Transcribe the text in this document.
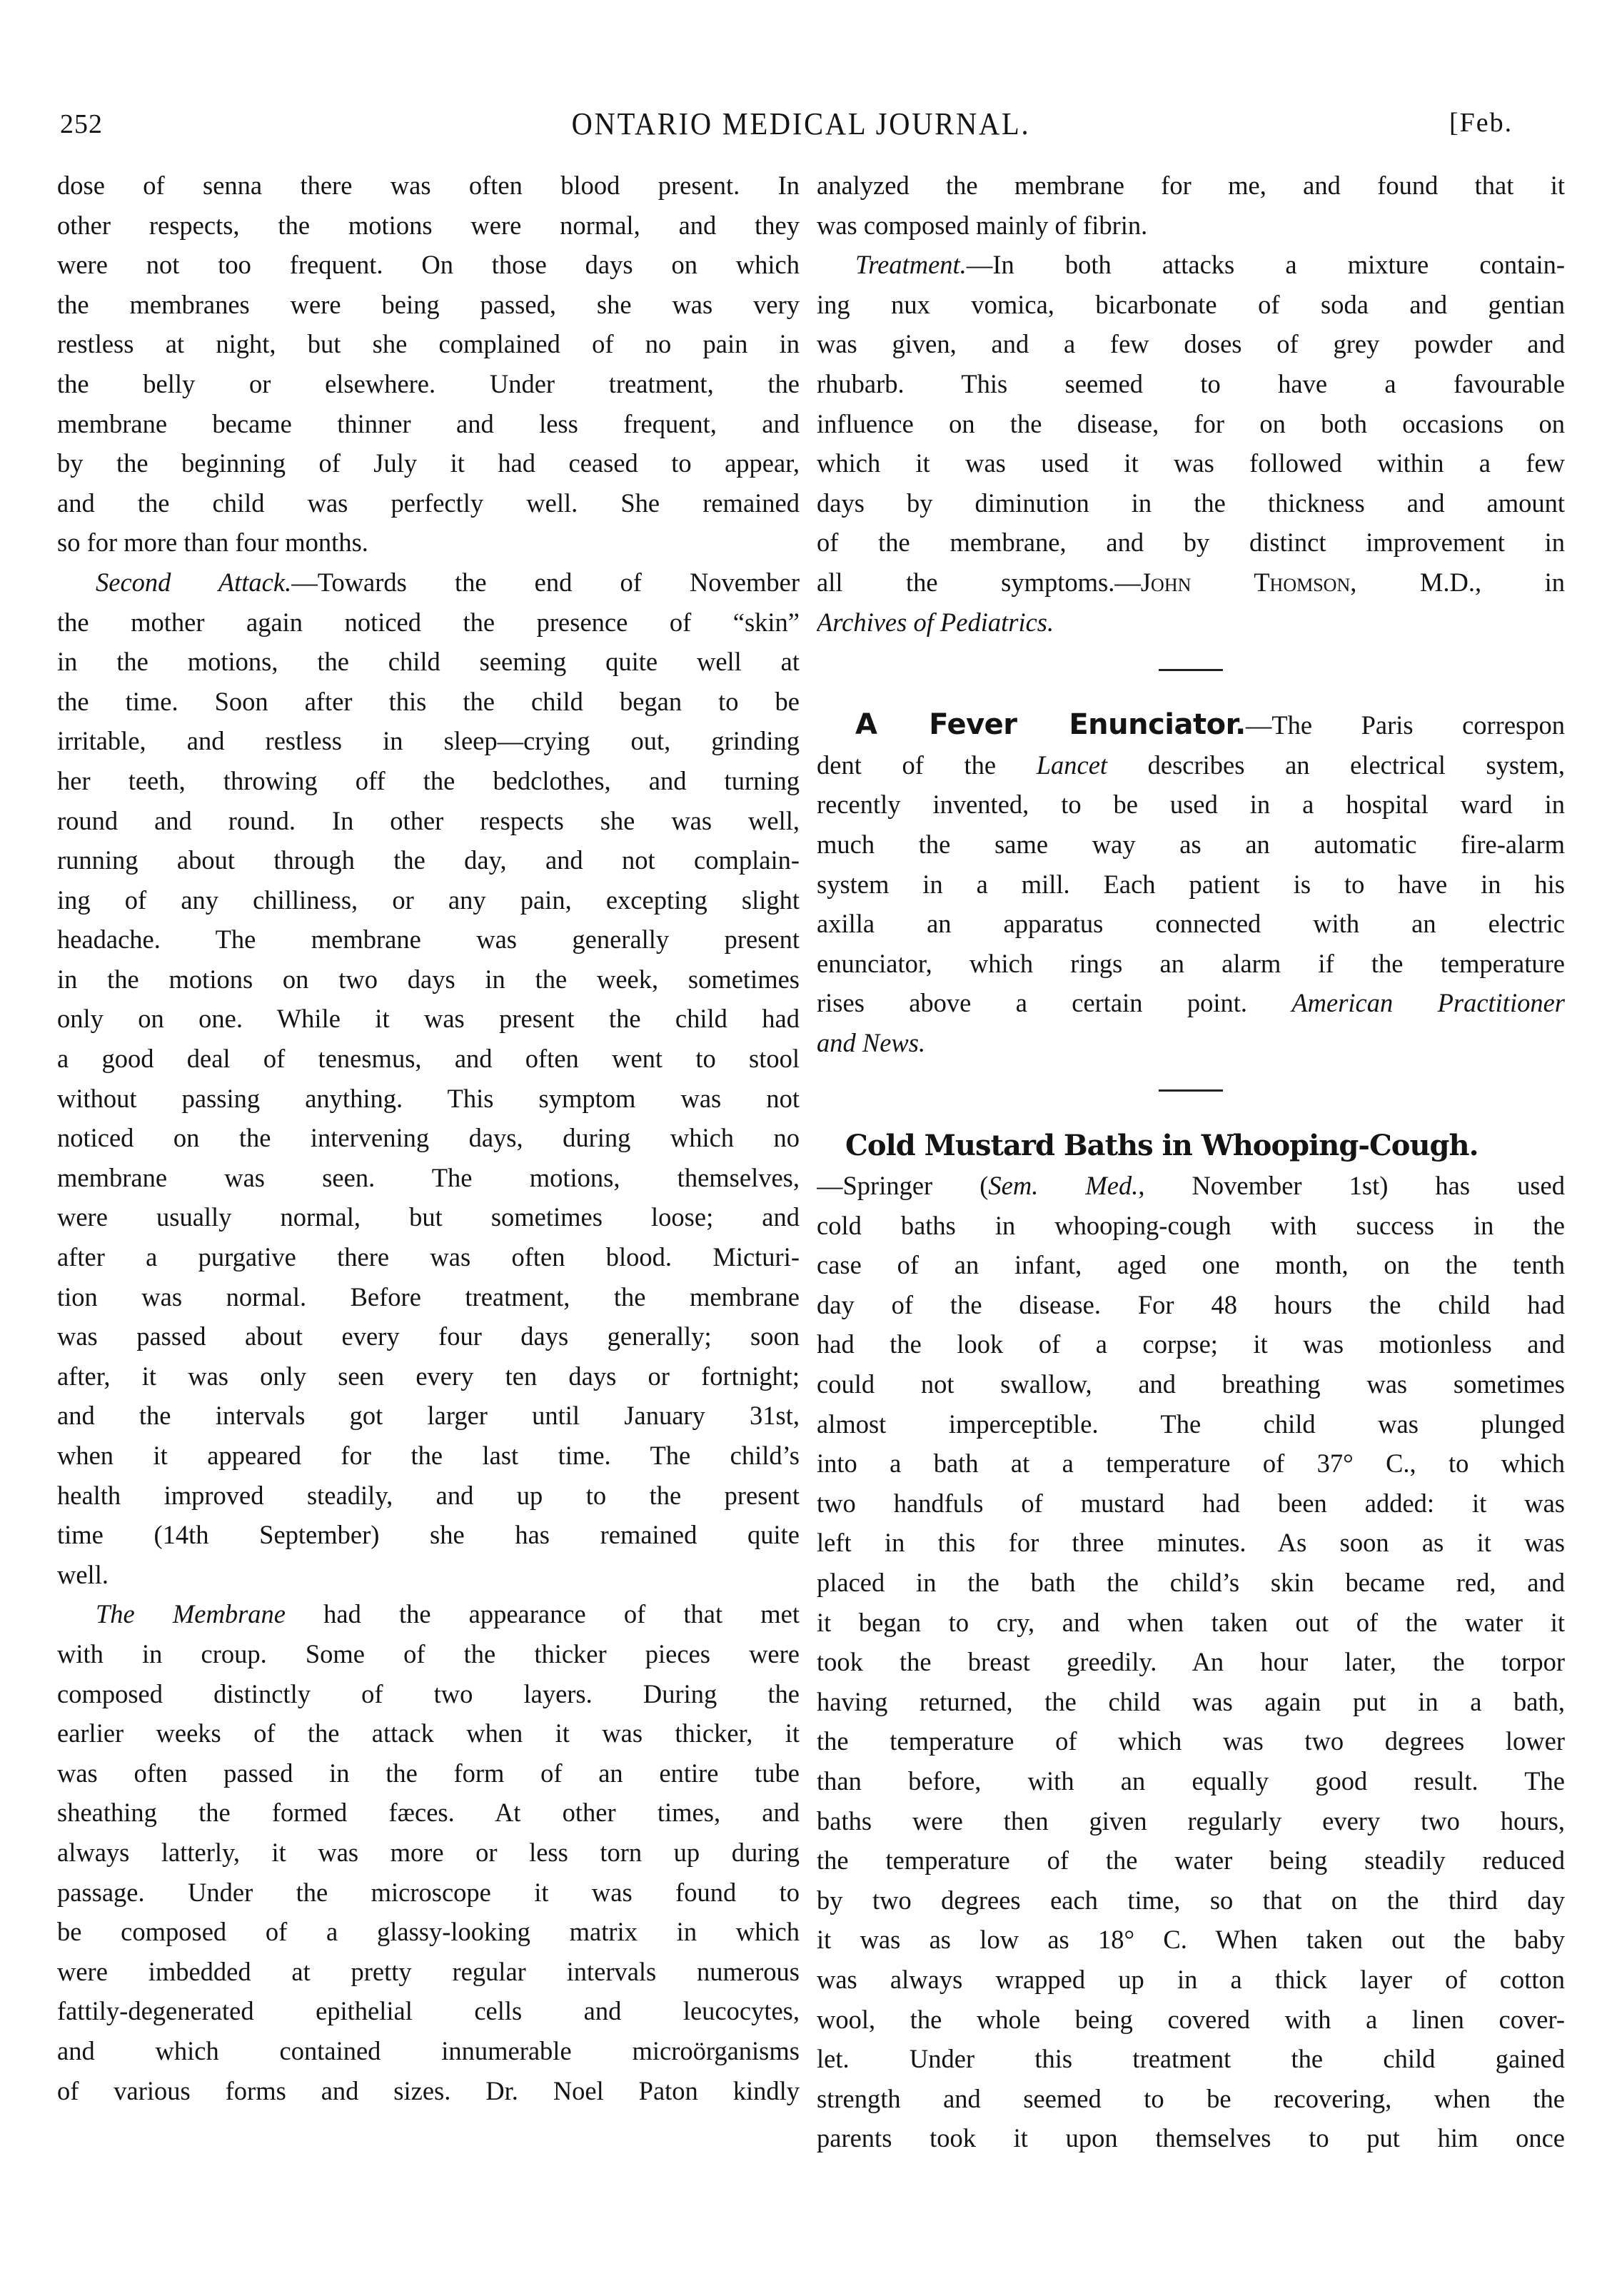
252	ONTARIO MEDICAL JOURNAL.	[Feb.
dose of senna there was often blood present. In
other respects, the motions were normal, and they
were not too frequent. On those days on which
the membranes were being passed, she was very
restless at night, but she complained of no pain in
the belly or elsewhere. Under treatment, the
membrane became thinner and less frequent, and
by the beginning of July it had ceased to appear,
and the child was perfectly well. She remained
so for more than four months.
Second Attack.—Towards the end of November
the mother again noticed the presence of “skin”
in the motions, the child seeming quite well at
the time. Soon after this the child began to be
irritable, and restless in sleep—crying out, grinding
her teeth, throwing off the bedclothes, and turning
round and round. In other respects she was well,
running about through the day, and not complain-
ing of any chilliness, or any pain, excepting slight
headache. The membrane was generally present
in the motions on two days in the week, sometimes
only on one. While it was present the child had
a good deal of tenesmus, and often went to stool
without passing anything. This symptom was not
noticed on the intervening days, during which no
membrane was seen. The motions, themselves,
were usually normal, but sometimes loose; and
after a purgative there was often blood. Micturi-
tion was normal. Before treatment, the membrane
was passed about every four days generally; soon
after, it was only seen every ten days or fortnight;
and the intervals got larger until January 31st,
when it appeared for the last time. The child’s
health improved steadily, and up to the present
time (14th September) she has remained quite
well.
The Membrane had the appearance of that met
with in croup. Some of the thicker pieces were
composed distinctly of two layers. During the
earlier weeks of the attack when it was thicker, it
was often passed in the form of an entire tube
sheathing the formed fæces. At other times, and
always latterly, it was more or less torn up during
passage. Under the microscope it was found to
be composed of a glassy-looking matrix in which
were imbedded at pretty regular intervals numerous
fattily-degenerated epithelial cells and leucocytes,
and which contained innumerable microörganisms
of various forms and sizes. Dr. Noel Paton kindly
analyzed the membrane for me, and found that it
was composed mainly of fibrin.
Treatment.—In both attacks a mixture contain-
ing nux vomica, bicarbonate of soda and gentian
was given, and a few doses of grey powder and
rhubarb. This seemed to have a favourable
influence on the disease, for on both occasions on
which it was used it was followed within a few
days by diminution in the thickness and amount
of the membrane, and by distinct improvement in
all the symptoms.—John Thomson, M.D., in
Archives of Pediatrics.
A Fever Enunciator.—The Paris correspon
dent of the Lancet describes an electrical system,
recently invented, to be used in a hospital ward in
much the same way as an automatic fire-alarm
system in a mill. Each patient is to have in his
axilla an apparatus connected with an electric
enunciator, which rings an alarm if the temperature
rises above a certain point. American Practitioner
and News.
Cold Mustard Baths in Whooping-Cough.
—Springer (Sem. Med., November 1st) has used
cold baths in whooping-cough with success in the
case of an infant, aged one month, on the tenth
day of the disease. For 48 hours the child had
had the look of a corpse; it was motionless and
could not swallow, and breathing was sometimes
almost imperceptible. The child was plunged
into a bath at a temperature of 37° C., to which
two handfuls of mustard had been added: it was
left in this for three minutes. As soon as it was
placed in the bath the child’s skin became red, and
it began to cry, and when taken out of the water it
took the breast greedily. An hour later, the torpor
having returned, the child was again put in a bath,
the temperature of which was two degrees lower
than before, with an equally good result. The
baths were then given regularly every two hours,
the temperature of the water being steadily reduced
by two degrees each time, so that on the third day
it was as low as 18° C. When taken out the baby
was always wrapped up in a thick layer of cotton
wool, the whole being covered with a linen cover-
let. Under this treatment the child gained
strength and seemed to be recovering, when the
parents took it upon themselves to put him once
